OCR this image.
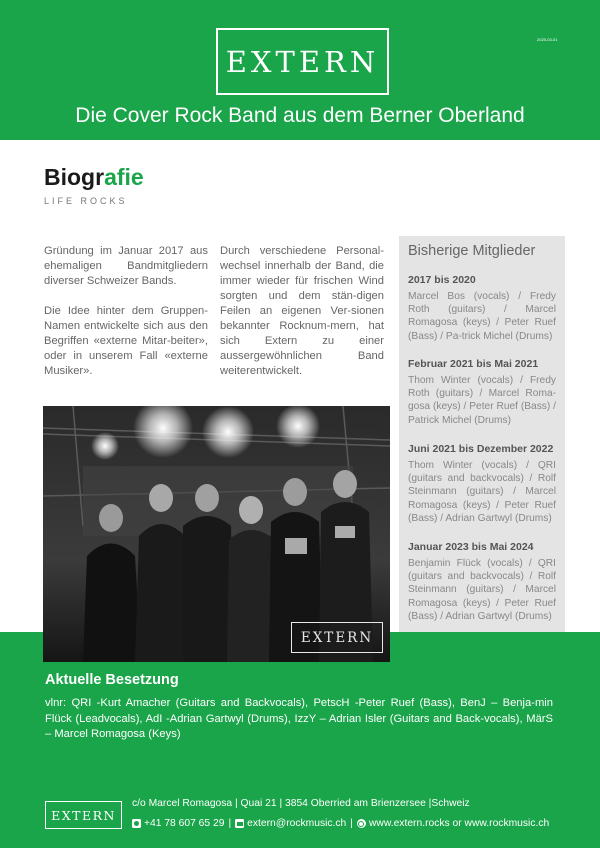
EXTERN
2025-03-01
Die Cover Rock Band aus dem Berner Oberland
Biografie
LIFE ROCKS

Gründung im Januar 2017 aus ehemaligen Bandmitgliedern diverser Schweizer Bands.

Die Idee hinter dem Gruppen-Namen entwickelte sich aus den Begriffen «externe Mitar-beiter», oder in unserem Fall «externe Musiker».

Durch verschiedene Personal-wechsel innerhalb der Band, die immer wieder für frischen Wind sorgten und dem stän-digen Feilen an eigenen Ver-sionen bekannter Rocknum-mern, hat sich Extern zu einer aussergewöhnlichen Band weiterentwickelt.

Bisherige Mitglieder
2017 bis 2020
Marcel Bos (vocals) / Fredy Roth (guitars) / Marcel Romagosa (keys) / Peter Ruef (Bass) / Pa-trick Michel (Drums)
Februar 2021 bis Mai 2021
Thom Winter (vocals) / Fredy Roth (guitars) / Marcel Roma-gosa (keys) / Peter Ruef (Bass) / Patrick Michel (Drums)
Juni 2021 bis Dezember 2022
Thom Winter (vocals) / QRI (guitars and backvocals) / Rolf Steinmann (guitars) / Marcel Romagosa (keys) / Peter Ruef (Bass) / Adrian Gartwyl (Drums)
Januar 2023 bis Mai 2024
Benjamin Flück (vocals) / QRI (guitars and backvocals) / Rolf Steinmann (guitars) / Marcel Romagosa (keys) / Peter Ruef (Bass) / Adrian Gartwyl (Drums)
EXTERN
Aktuelle Besetzung
vlnr: QRI -Kurt Amacher (Guitars and Backvocals), PetscH -Peter Ruef (Bass), BenJ – Benja-min Flück (Leadvocals), AdI -Adrian Gartwyl (Drums), IzzY – Adrian Isler (Guitars and Back-vocals), MärS – Marcel Romagosa (Keys)
EXTERN
c/o Marcel Romagosa | Quai 21 | 3854 Oberried am Brienzersee |Schweiz
+41 78 607 65 29 | extern@rockmusic.ch | www.extern.rocks or www.rockmusic.ch
